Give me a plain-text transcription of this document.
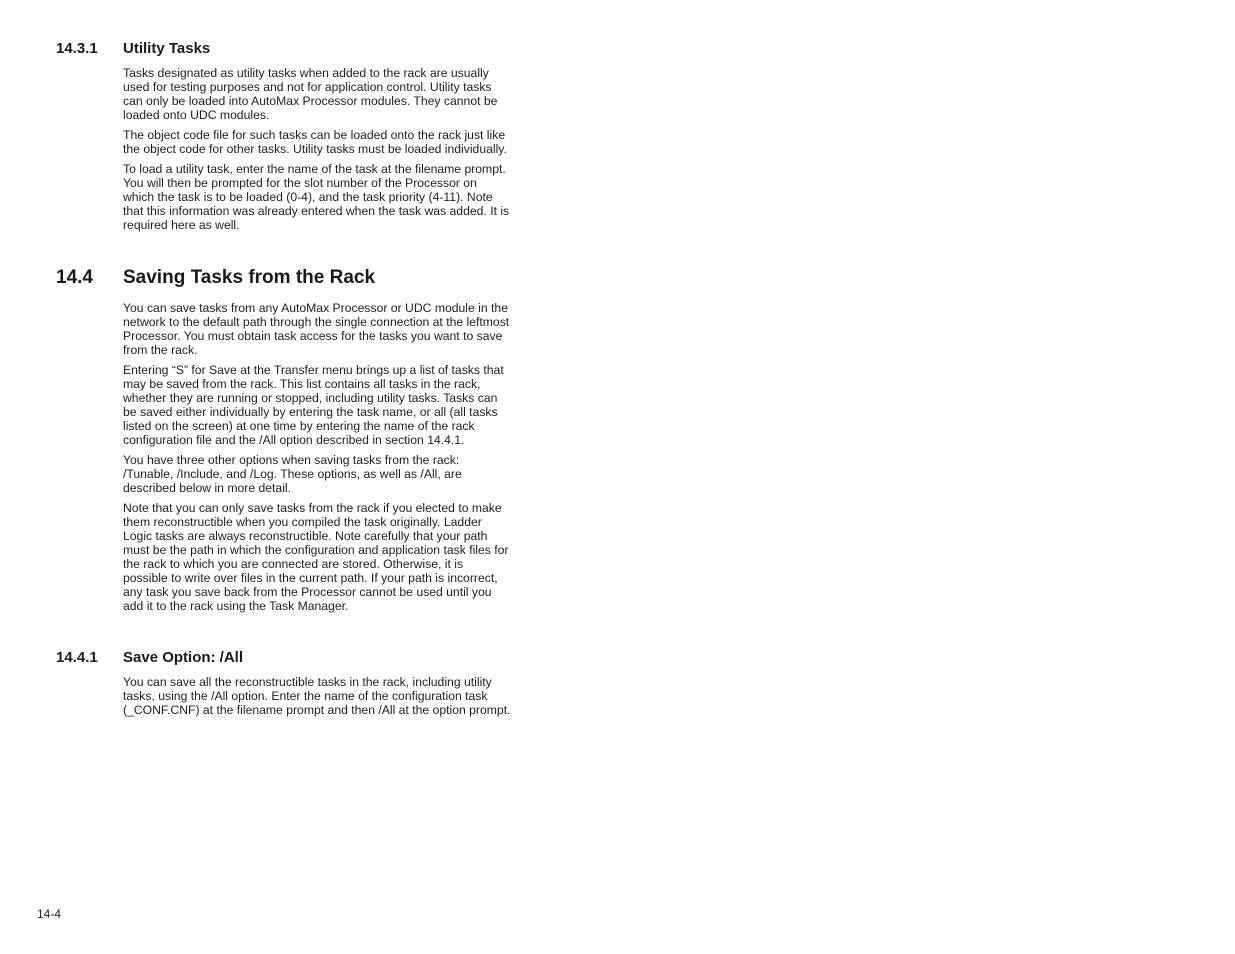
14.3.1 Utility Tasks

Tasks designated as utility tasks when added to the rack are usually used for testing purposes and not for application control. Utility tasks can only be loaded into AutoMax Processor modules. They cannot be loaded onto UDC modules.

The object code file for such tasks can be loaded onto the rack just like the object code for other tasks. Utility tasks must be loaded individually.

To load a utility task, enter the name of the task at the filename prompt. You will then be prompted for the slot number of the Processor on which the task is to be loaded (0-4), and the task priority (4-11). Note that this information was already entered when the task was added. It is required here as well.

14.4 Saving Tasks from the Rack

You can save tasks from any AutoMax Processor or UDC module in the network to the default path through the single connection at the leftmost Processor. You must obtain task access for the tasks you want to save from the rack.

Entering “S” for Save at the Transfer menu brings up a list of tasks that may be saved from the rack. This list contains all tasks in the rack, whether they are running or stopped, including utility tasks. Tasks can be saved either individually by entering the task name, or all (all tasks listed on the screen) at one time by entering the name of the rack configuration file and the /All option described in section 14.4.1.

You have three other options when saving tasks from the rack: /Tunable, /Include, and /Log. These options, as well as /All, are described below in more detail.

Note that you can only save tasks from the rack if you elected to make them reconstructible when you compiled the task originally. Ladder Logic tasks are always reconstructible. Note carefully that your path must be the path in which the configuration and application task files for the rack to which you are connected are stored. Otherwise, it is possible to write over files in the current path. If your path is incorrect, any task you save back from the Processor cannot be used until you add it to the rack using the Task Manager.

14.4.1 Save Option: /All

You can save all the reconstructible tasks in the rack, including utility tasks, using the /All option. Enter the name of the configuration task (_CONF.CNF) at the filename prompt and then /All at the option prompt.

14-4
